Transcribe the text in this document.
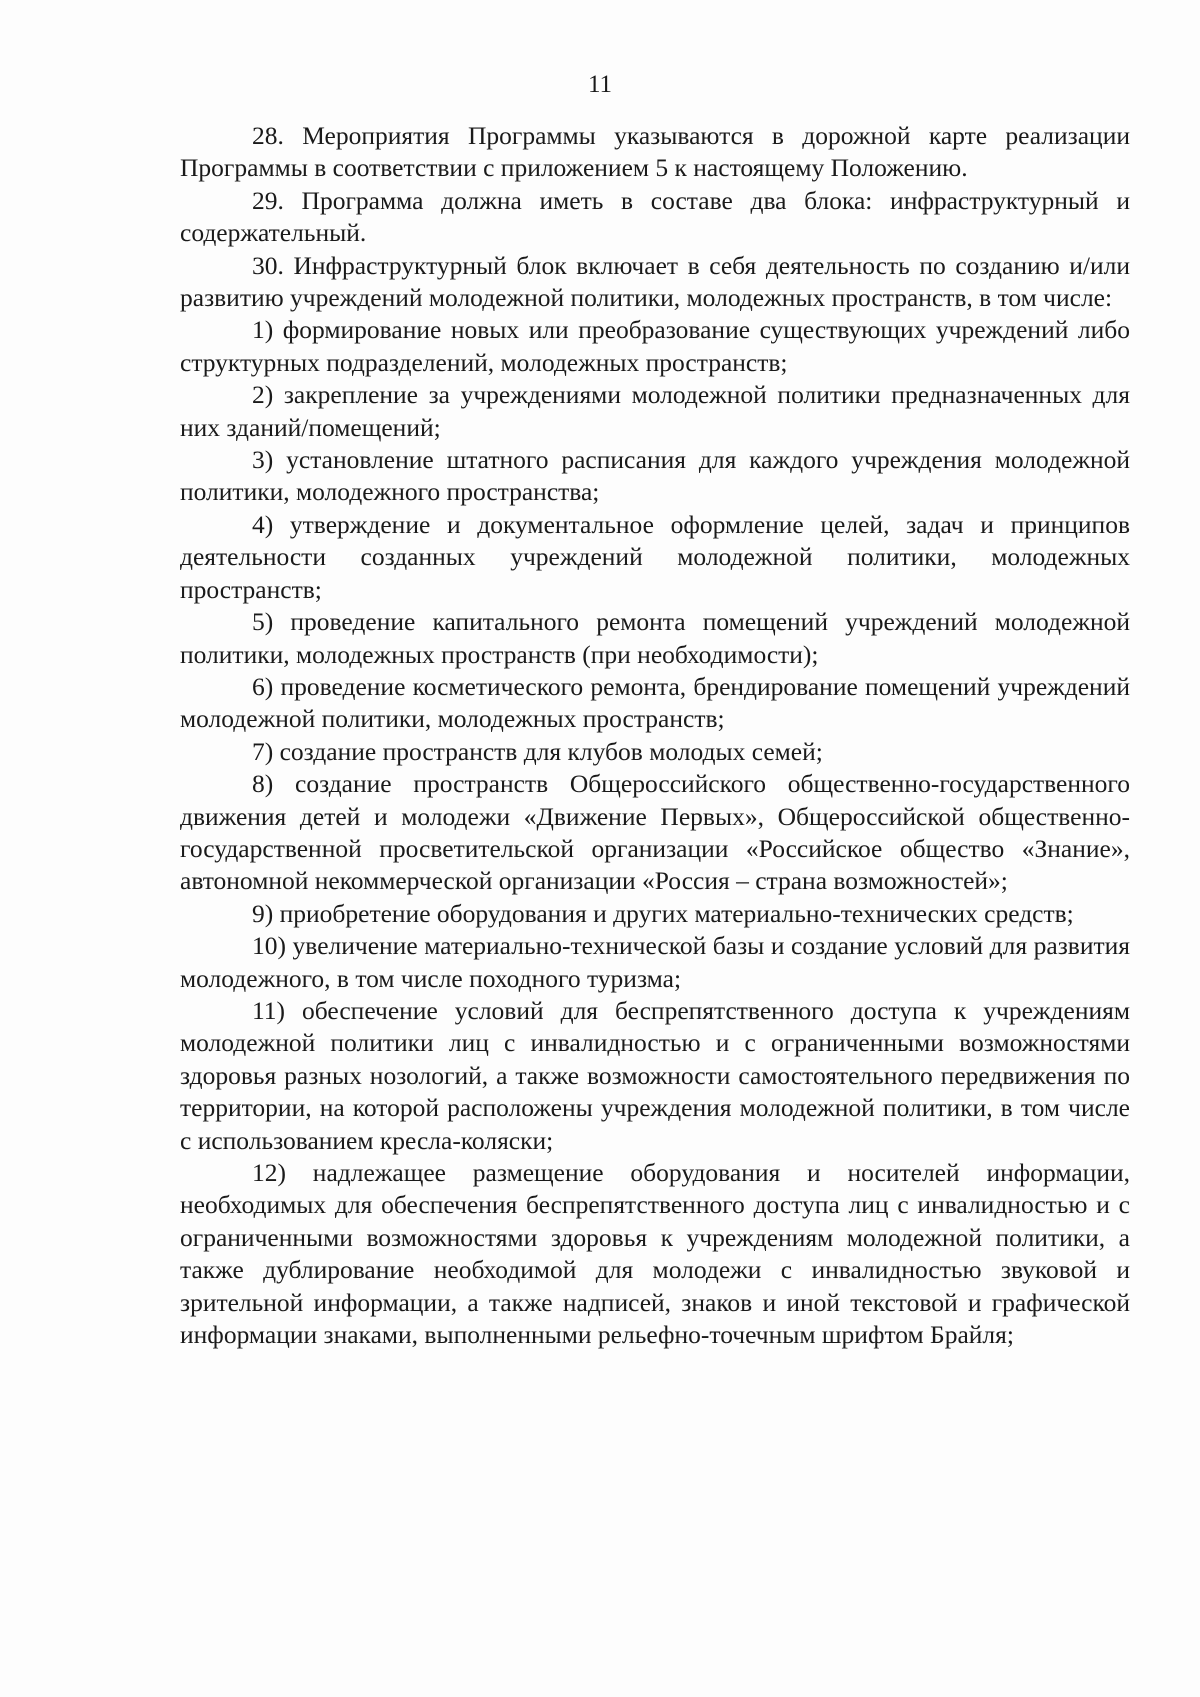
11

28. Мероприятия Программы указываются в дорожной карте реализации Программы в соответствии с приложением 5 к настоящему Положению.

29. Программа должна иметь в составе два блока: инфраструктурный и содержательный.

30. Инфраструктурный блок включает в себя деятельность по созданию и/или развитию учреждений молодежной политики, молодежных пространств, в том числе:

1) формирование новых или преобразование существующих учреждений либо структурных подразделений, молодежных пространств;

2) закрепление за учреждениями молодежной политики предназначенных для них зданий/помещений;

3) установление штатного расписания для каждого учреждения молодежной политики, молодежного пространства;

4) утверждение и документальное оформление целей, задач и принципов деятельности созданных учреждений молодежной политики, молодежных пространств;

5) проведение капитального ремонта помещений учреждений молодежной политики, молодежных пространств (при необходимости);

6) проведение косметического ремонта, брендирование помещений учреждений молодежной политики, молодежных пространств;

7) создание пространств для клубов молодых семей;

8) создание пространств Общероссийского общественно-государственного движения детей и молодежи «Движение Первых», Общероссийской общественно-государственной просветительской организации «Российское общество «Знание», автономной некоммерческой организации «Россия – страна возможностей»;

9) приобретение оборудования и других материально-технических средств;

10) увеличение материально-технической базы и создание условий для развития молодежного, в том числе походного туризма;

11) обеспечение условий для беспрепятственного доступа к учреждениям молодежной политики лиц с инвалидностью и с ограниченными возможностями здоровья разных нозологий, а также возможности самостоятельного передвижения по территории, на которой расположены учреждения молодежной политики, в том числе с использованием кресла-коляски;

12) надлежащее размещение оборудования и носителей информации, необходимых для обеспечения беспрепятственного доступа лиц с инвалидностью и с ограниченными возможностями здоровья к учреждениям молодежной политики, а также дублирование необходимой для молодежи с инвалидностью звуковой и зрительной информации, а также надписей, знаков и иной текстовой и графической информации знаками, выполненными рельефно-точечным шрифтом Брайля;
